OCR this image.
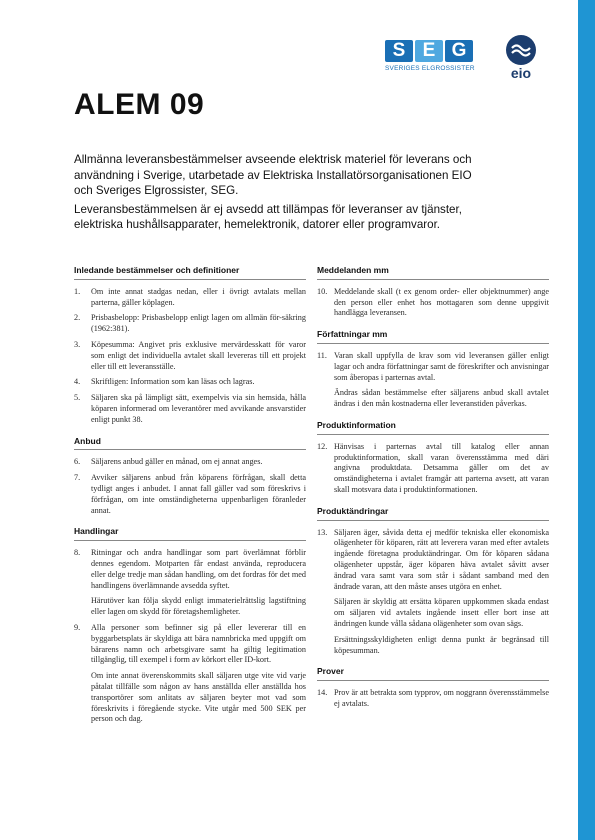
S E G
SVERIGES ELGROSSISTER	eio
ALEM 09

Allmänna leveransbestämmelser avseende elektrisk materiel för leverans och användning i Sverige, utarbetade av Elektriska Installatörsorganisationen EIO och Sveriges Elgrossister, SEG.

Leveransbestämmelsen är ej avsedd att tillämpas för leveranser av tjänster, elektriska hushållsapparater, hemelektronik, datorer eller programvaror.

Inledande bestämmelser och definitioner
1.	Om inte annat stadgas nedan, eller i övrigt avtalats mellan parterna, gäller köplagen.

2.	Prisbasbelopp: Prisbasbelopp enligt lagen om allmän för-säkring (1962:381).

3.	Köpesumma: Angivet pris exklusive mervärdesskatt för varor som enligt det individuella avtalet skall levereras till ett projekt eller till ett leveransställe.

4.	Skriftligen: Information som kan läsas och lagras.

5.	Säljaren ska på lämpligt sätt, exempelvis via sin hemsida, hålla köparen informerad om leverantörer med avvikande ansvarstider enligt punkt 38.

Anbud
6.	Säljarens anbud gäller en månad, om ej annat anges.

7.	Avviker säljarens anbud från köparens förfrågan, skall detta tydligt anges i anbudet. I annat fall gäller vad som föreskrivs i förfrågan, om inte omständigheterna uppenbarligen föranleder annat.

Handlingar
8.	Ritningar och andra handlingar som part överlämnat förblir dennes egendom. Motparten får endast använda, reproducera eller delge tredje man sådan handling, om det fordras för det med handlingens överlämnande avsedda syftet.

Härutöver kan följa skydd enligt immaterielrättslig lagstiftning eller lagen om skydd för företagshemligheter.

9.	Alla personer som befinner sig på eller levererar till en byggarbetsplats är skyldiga att bära namnbricka med uppgift om bärarens namn och arbetsgivare samt ha giltig legitimation tillgänglig, till exempel i form av körkort eller ID-kort.

Om inte annat överenskommits skall säljaren utge vite vid varje påtalat tillfälle som någon av hans anställda eller anställda hos transportörer som anlitats av säljaren beyter mot vad som föreskrivits i föregående stycke. Vite utgår med 500 SEK per person och dag.

Meddelanden mm
10. Meddelande skall (t ex genom order- eller objektnummer) ange den person eller enhet hos mottagaren som denne uppgivit handlägga leveransen.

Författningar mm
11. Varan skall uppfylla de krav som vid leveransen gäller enligt lagar och andra författningar samt de föreskrifter och anvisningar som åberopas i parternas avtal.

Ändras sådan bestämmelse efter säljarens anbud skall avtalet ändras i den mån kostnaderna eller leveranstiden påverkas.

Produktinformation
12. Hänvisas i parternas avtal till katalog eller annan produktinformation, skall varan överensstämma med däri angivna produktdata. Detsamma gäller om det av omständigheterna i avtalet framgår att parterna avsett, att varan skall motsvara data i produktinformationen.

Produktändringar
13. Säljaren äger, såvida detta ej medför tekniska eller ekonomiska olägenheter för köparen, rätt att leverera varan med efter avtalets ingående företagna produktändringar. Om för köparen sådana olägenheter uppstår, äger köparen häva avtalet såvitt avser ändrad vara samt vara som står i sådant samband med den ändrade varan, att den måste anses utgöra en enhet.

Säljaren är skyldig att ersätta köparen uppkommen skada endast om säljaren vid avtalets ingående insett eller bort inse att ändringen kunde vålla sådana olägenheter som ovan sägs.

Ersättningsskyldigheten enligt denna punkt är begränsad till köpesumman.

Prover
14. Prov är att betrakta som typprov, om noggrann överensstämmelse ej avtalats.
